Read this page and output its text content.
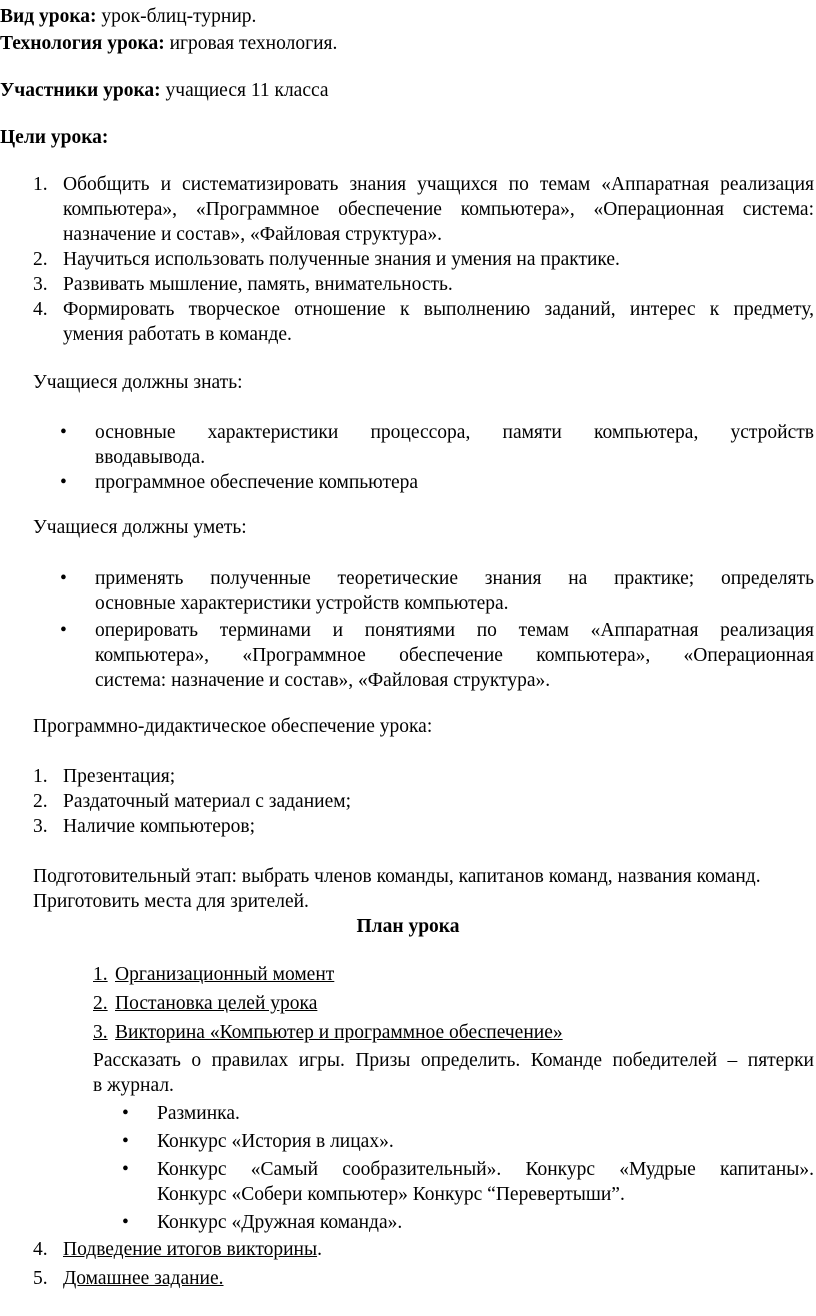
Вид урока: урок-блиц-турнир.
Технология урока: игровая технология.
Участники урока: учащиеся 11 класса
Цели урока:
1. Обобщить и систематизировать знания учащихся по темам «Аппаратная реализация
компьютера», «Программное обеспечение компьютера», «Операционная система:
назначение и состав», «Файловая структура».
2. Научиться использовать полученные знания и умения на практике.
3. Развивать мышление, память, внимательность.
4. Формировать творческое отношение к выполнению заданий, интерес к предмету,
умения работать в команде.
Учащиеся должны знать:
• основные характеристики процессора, памяти компьютера, устройств
вводавывода.
• программное обеспечение компьютера
Учащиеся должны уметь:
• применять полученные теоретические знания на практике; определять
основные характеристики устройств компьютера.
• оперировать терминами и понятиями по темам «Аппаратная реализация
компьютера», «Программное обеспечение компьютера», «Операционная
система: назначение и состав», «Файловая структура».
Программно-дидактическое обеспечение урока:
1. Презентация;
2. Раздаточный материал с заданием;
3. Наличие компьютеров;
Подготовительный этап: выбрать членов команды, капитанов команд, названия команд.
Приготовить места для зрителей.
План урока
1. Организационный момент
2. Постановка целей урока
3. Викторина «Компьютер и программное обеспечение»
Рассказать о правилах игры. Призы определить. Команде победителей – пятерки
в журнал.
• Разминка.
• Конкурс «История в лицах».
• Конкурс «Самый сообразительный». Конкурс «Мудрые капитаны».
Конкурс «Собери компьютер» Конкурс “Перевертыши”.
• Конкурс «Дружная команда».
4. Подведение итогов викторины.
5. Домашнее задание.
